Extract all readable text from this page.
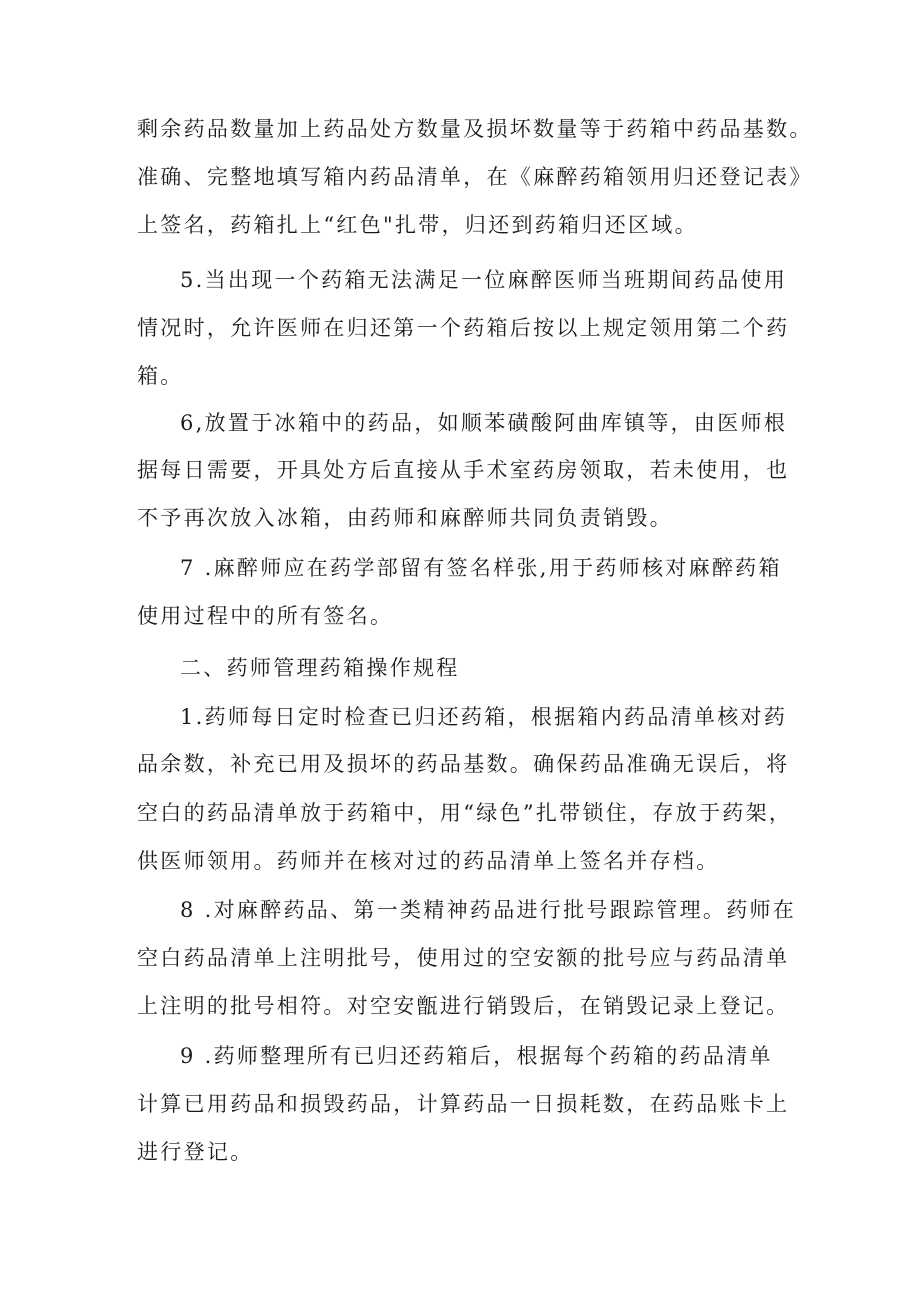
剩余药品数量加上药品处方数量及损坏数量等于药箱中药品基数。
准确、完整地填写箱内药品清单，在《麻醉药箱领用归还登记表》
上签名，药箱扎上“红色"扎带，归还到药箱归还区域。
5.当出现一个药箱无法满足一位麻醉医师当班期间药品使用
情况时，允许医师在归还第一个药箱后按以上规定领用第二个药
箱。
6,放置于冰箱中的药品，如顺苯磺酸阿曲库镇等，由医师根
据每日需要，开具处方后直接从手术室药房领取，若未使用，也
不予再次放入冰箱，由药师和麻醉师共同负责销毁。
7 .麻醉师应在药学部留有签名样张,用于药师核对麻醉药箱
使用过程中的所有签名。
二、药师管理药箱操作规程
1.药师每日定时检查已归还药箱，根据箱内药品清单核对药
品余数，补充已用及损坏的药品基数。确保药品准确无误后，将
空白的药品清单放于药箱中，用“绿色”扎带锁住，存放于药架，
供医师领用。药师并在核对过的药品清单上签名并存档。
8 .对麻醉药品、第一类精神药品进行批号跟踪管理。药师在
空白药品清单上注明批号，使用过的空安额的批号应与药品清单
上注明的批号相符。对空安甑进行销毁后，在销毁记录上登记。
9 .药师整理所有已归还药箱后，根据每个药箱的药品清单
计算已用药品和损毁药品，计算药品一日损耗数，在药品账卡上
进行登记。
